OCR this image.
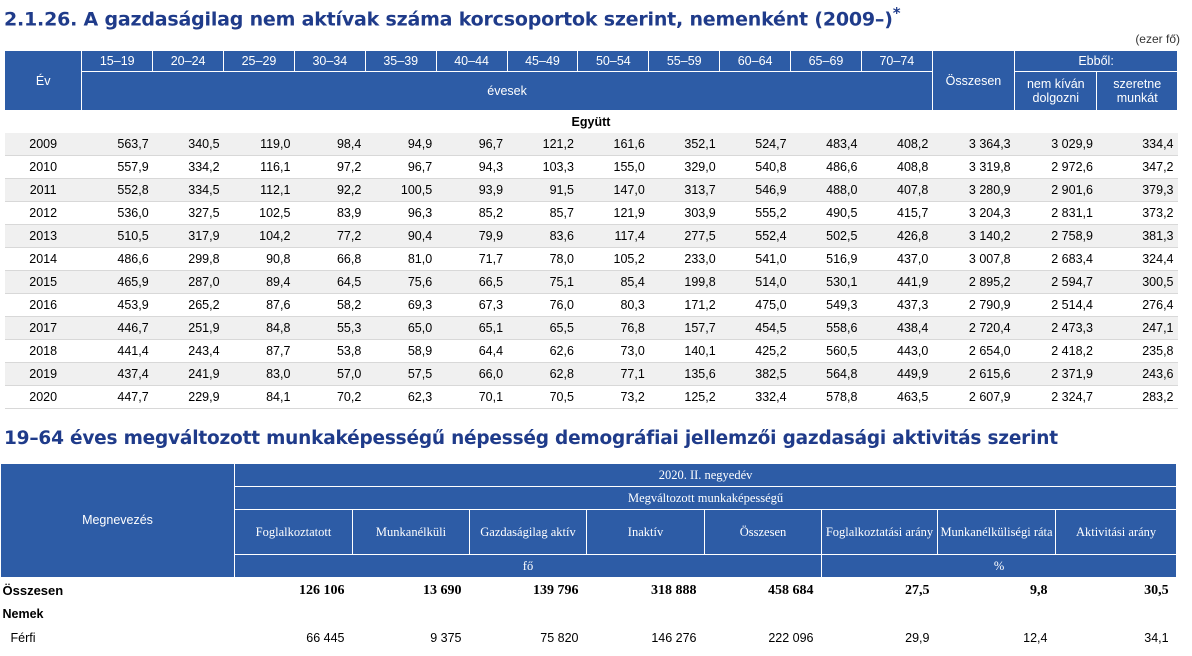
2.1.26. A gazdaságilag nem aktívak száma korcsoportok szerint, nemenként (2009–)*
(ezer fő)
Év	15–19	20–24	25–29	30–34	35–39	40–44	45–49	50–54	55–59	60–64	65–69	70–74	Összesen	Ebből:	
	évesek													nem kíván dolgozni	szeretne munkát
Együtt															
2009	563,7	340,5	119,0	98,4	94,9	96,7	121,2	161,6	352,1	524,7	483,4	408,2	3 364,3	3 029,9	334,4
2010	557,9	334,2	116,1	97,2	96,7	94,3	103,3	155,0	329,0	540,8	486,6	408,8	3 319,8	2 972,6	347,2
2011	552,8	334,5	112,1	92,2	100,5	93,9	91,5	147,0	313,7	546,9	488,0	407,8	3 280,9	2 901,6	379,3
2012	536,0	327,5	102,5	83,9	96,3	85,2	85,7	121,9	303,9	555,2	490,5	415,7	3 204,3	2 831,1	373,2
2013	510,5	317,9	104,2	77,2	90,4	79,9	83,6	117,4	277,5	552,4	502,5	426,8	3 140,2	2 758,9	381,3
2014	486,6	299,8	90,8	66,8	81,0	71,7	78,0	105,2	233,0	541,0	516,9	437,0	3 007,8	2 683,4	324,4
2015	465,9	287,0	89,4	64,5	75,6	66,5	75,1	85,4	199,8	514,0	530,1	441,9	2 895,2	2 594,7	300,5
2016	453,9	265,2	87,6	58,2	69,3	67,3	76,0	80,3	171,2	475,0	549,3	437,3	2 790,9	2 514,4	276,4
2017	446,7	251,9	84,8	55,3	65,0	65,1	65,5	76,8	157,7	454,5	558,6	438,4	2 720,4	2 473,3	247,1
2018	441,4	243,4	87,7	53,8	58,9	64,4	62,6	73,0	140,1	425,2	560,5	443,0	2 654,0	2 418,2	235,8
2019	437,4	241,9	83,0	57,0	57,5	66,0	62,8	77,1	135,6	382,5	564,8	449,9	2 615,6	2 371,9	243,6
2020	447,7	229,9	84,1	70,2	62,3	70,1	70,5	73,2	125,2	332,4	578,8	463,5	2 607,9	2 324,7	283,2
19–64 éves megváltozott munkaképességű népesség demográfiai jellemzői gazdasági aktivitás szerint
Megnevezés	2020. II. negyedév							
	Megváltozott munkaképességű							
	Foglalkoztatott	Munkanélküli	Gazdaságilag aktív	Inaktív	Összesen	Foglalkoztatási arány	Munkanélküliségi ráta	Aktivitási arány
	fő					%		
Összesen	126 106	13 690	139 796	318 888	458 684	27,5	9,8	30,5
Nemek								
Férfi	66 445	9 375	75 820	146 276	222 096	29,9	12,4	34,1
